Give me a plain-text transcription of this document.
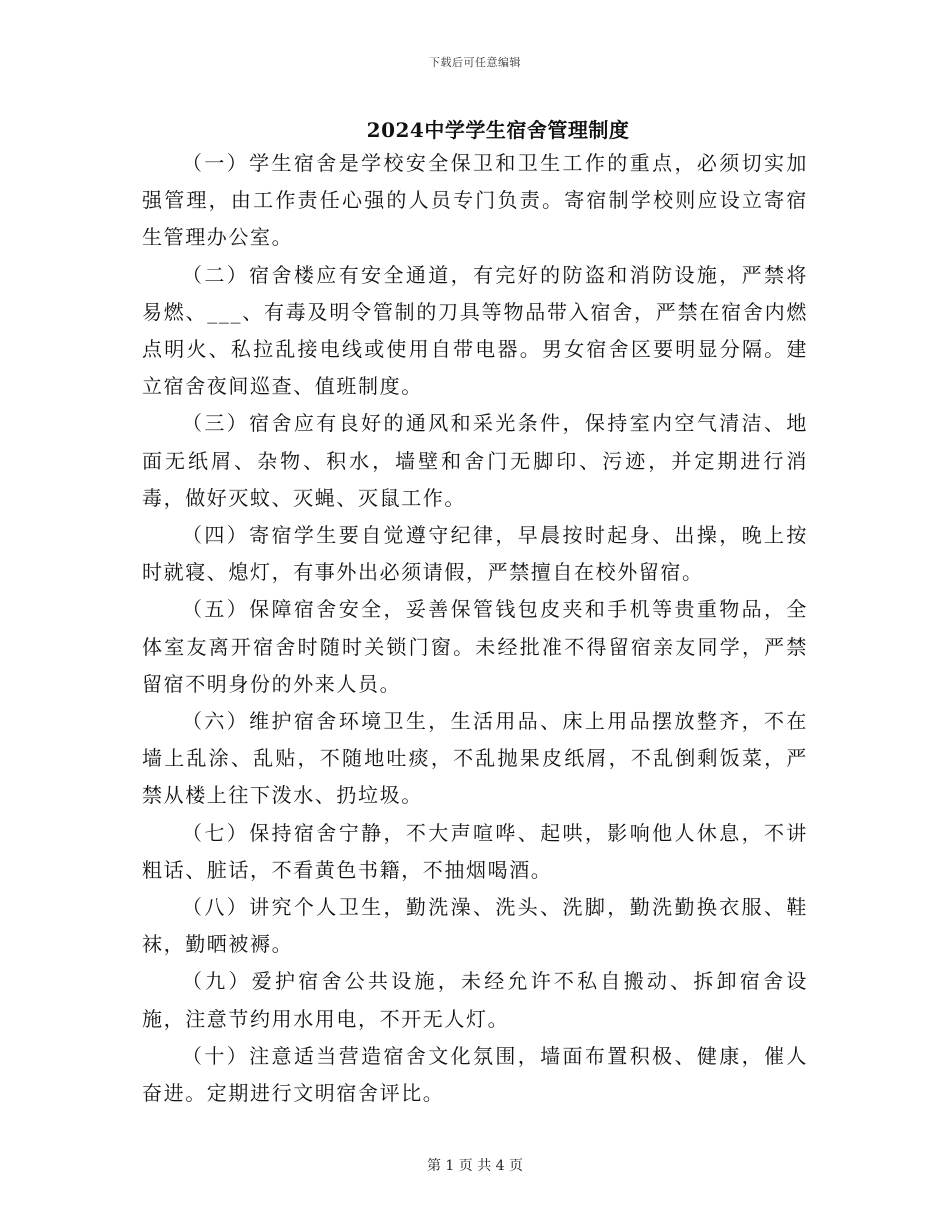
下载后可任意编辑
2024中学学生宿舍管理制度

（一）学生宿舍是学校安全保卫和卫生工作的重点，必须切实加强管理，由工作责任心强的人员专门负责。寄宿制学校则应设立寄宿生管理办公室。

（二）宿舍楼应有安全通道，有完好的防盗和消防设施，严禁将易燃、___、有毒及明令管制的刀具等物品带入宿舍，严禁在宿舍内燃点明火、私拉乱接电线或使用自带电器。男女宿舍区要明显分隔。建立宿舍夜间巡查、值班制度。

（三）宿舍应有良好的通风和采光条件，保持室内空气清洁、地面无纸屑、杂物、积水，墙壁和舍门无脚印、污迹，并定期进行消毒，做好灭蚊、灭蝇、灭鼠工作。

（四）寄宿学生要自觉遵守纪律，早晨按时起身、出操，晚上按时就寝、熄灯，有事外出必须请假，严禁擅自在校外留宿。

（五）保障宿舍安全，妥善保管钱包皮夹和手机等贵重物品，全体室友离开宿舍时随时关锁门窗。未经批准不得留宿亲友同学，严禁留宿不明身份的外来人员。

（六）维护宿舍环境卫生，生活用品、床上用品摆放整齐，不在墙上乱涂、乱贴，不随地吐痰，不乱抛果皮纸屑，不乱倒剩饭菜，严禁从楼上往下泼水、扔垃圾。

（七）保持宿舍宁静，不大声喧哗、起哄，影响他人休息，不讲粗话、脏话，不看黄色书籍，不抽烟喝酒。

（八）讲究个人卫生，勤洗澡、洗头、洗脚，勤洗勤换衣服、鞋袜，勤晒被褥。

（九）爱护宿舍公共设施，未经允许不私自搬动、拆卸宿舍设施，注意节约用水用电，不开无人灯。

（十）注意适当营造宿舍文化氛围，墙面布置积极、健康，催人奋进。定期进行文明宿舍评比。

第 1 页 共 4 页
